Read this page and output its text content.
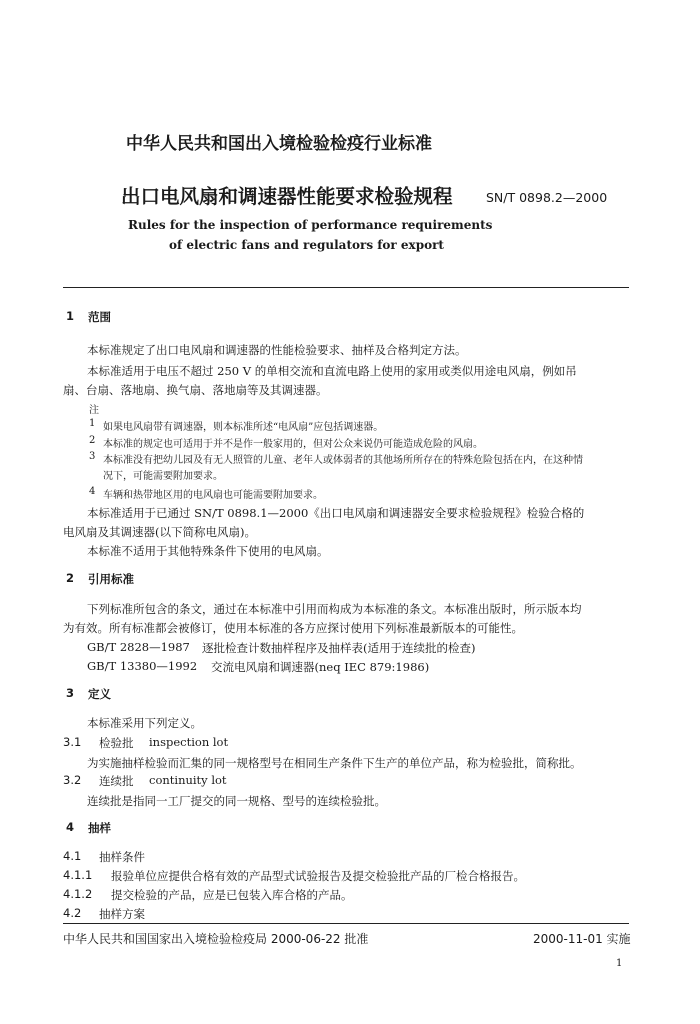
中华人民共和国出入境检验检疫行业标准
出口电风扇和调速器性能要求检验规程	SN/T 0898.2—2000
Rules for the inspection of performance requirements
of electric fans and regulators for export
1 范围
本标准规定了出口电风扇和调速器的性能检验要求、抽样及合格判定方法。
本标准适用于电压不超过 250 V 的单相交流和直流电路上使用的家用或类似用途电风扇，例如吊
扇、台扇、落地扇、换气扇、落地扇等及其调速器。
注
1 如果电风扇带有调速器，则本标准所述“电风扇”应包括调速器。
2 本标准的规定也可适用于并不是作一般家用的，但对公众来说仍可能造成危险的风扇。
3 本标准没有把幼儿园及有无人照管的儿童、老年人或体弱者的其他场所所存在的特殊危险包括在内，在这种情
况下，可能需要附加要求。
4 车辆和热带地区用的电风扇也可能需要附加要求。
本标准适用于已通过 SN/T 0898.1—2000《出口电风扇和调速器安全要求检验规程》检验合格的
电风扇及其调速器(以下简称电风扇)。
本标准不适用于其他特殊条件下使用的电风扇。
2 引用标准
下列标准所包含的条文，通过在本标准中引用而构成为本标准的条文。本标准出版时，所示版本均
为有效。所有标准都会被修订，使用本标准的各方应探讨使用下列标准最新版本的可能性。
GB/T 2828—1987 逐批检查计数抽样程序及抽样表(适用于连续批的检查)
GB/T 13380—1992 交流电风扇和调速器(neq IEC 879:1986)
3 定义
本标准采用下列定义。
3.1 检验批 inspection lot
为实施抽样检验而汇集的同一规格型号在相同生产条件下生产的单位产品，称为检验批，简称批。
3.2 连续批 continuity lot
连续批是指同一工厂提交的同一规格、型号的连续检验批。
4 抽样
4.1 抽样条件
4.1.1 报验单位应提供合格有效的产品型式试验报告及提交检验批产品的厂检合格报告。
4.1.2 提交检验的产品，应是已包装入库合格的产品。
4.2 抽样方案
中华人民共和国国家出入境检验检疫局 2000-06-22 批准	2000-11-01 实施
1
